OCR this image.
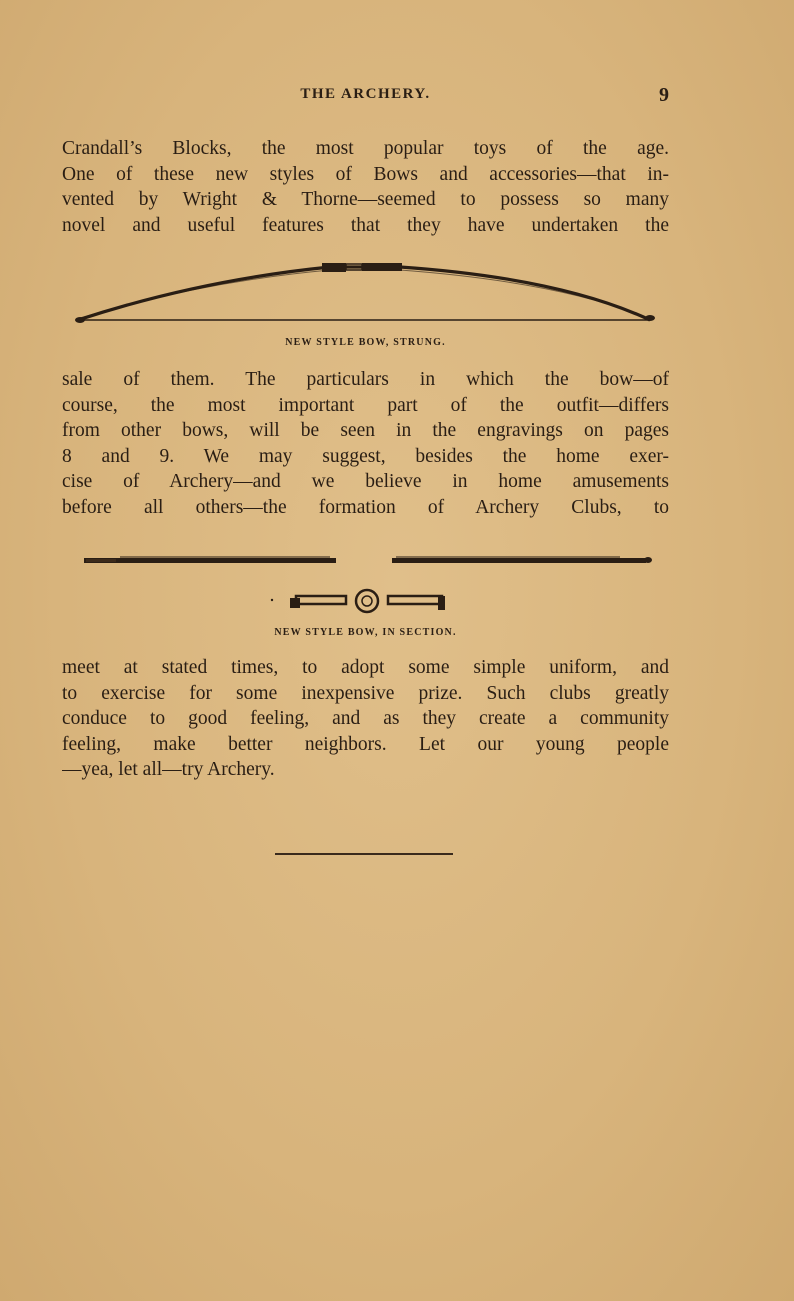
THE ARCHERY.	9
Crandall’s Blocks, the most popular toys of the age.
One of these new styles of Bows and accessories—that in-
vented by Wright & Thorne—seemed to possess so many
novel and useful features that they have undertaken the
NEW STYLE BOW, STRUNG.
sale of them. The particulars in which the bow—of
course, the most important part of the outfit—differs
from other bows, will be seen in the engravings on pages
8 and 9. We may suggest, besides the home exer-
cise of Archery—and we believe in home amusements
before all others—the formation of Archery Clubs, to
NEW STYLE BOW, IN SECTION.
meet at stated times, to adopt some simple uniform, and
to exercise for some inexpensive prize. Such clubs greatly
conduce to good feeling, and as they create a community
feeling, make better neighbors. Let our young people
—yea, let all—try Archery.
